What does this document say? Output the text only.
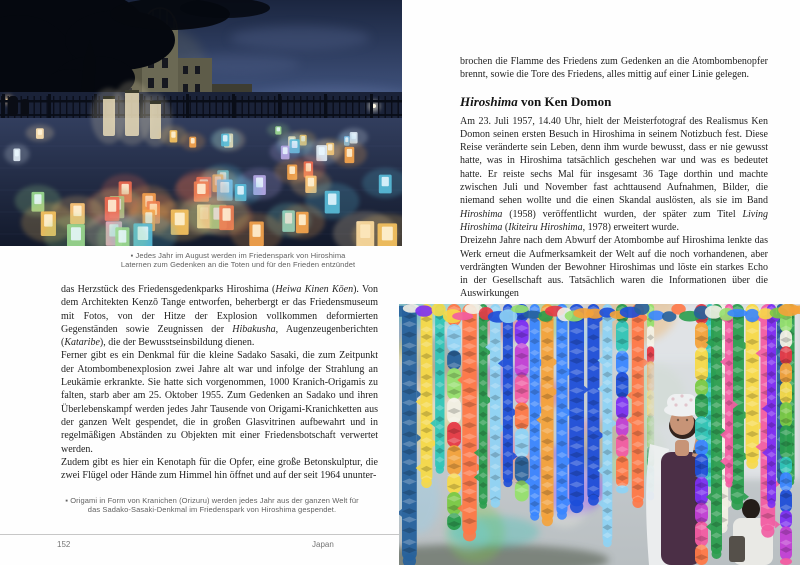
▪ Jedes Jahr im August werden im Friedenspark von Hiroshima
Laternen zum Gedenken an die Toten und für den Frieden entzündet

das Herzstück des Friedensgedenkparks Hiroshima (Heiwa Kinen Kōen). Von dem Architekten Kenzō Tange entworfen, beherbergt er das Friedensmuseum mit Fotos, von der Hitze der Explosion vollkommen deformierten Gegenständen sowie Zeugnissen der Hibakusha, Augenzeugenberichten (Kataribe), die der Bewusstseinsbildung dienen.

Ferner gibt es ein Denkmal für die kleine Sadako Sasaki, die zum Zeitpunkt der Atombombenexplosion zwei Jahre alt war und infolge der Strahlung an Leukämie erkrankte. Sie hatte sich vorgenommen, 1000 Kranich-Origamis zu falten, starb aber am 25. Oktober 1955. Zum Gedenken an Sadako und ihren Überlebenskampf werden jedes Jahr Tausende von Origami-Kranichketten aus der ganzen Welt gespendet, die in großen Glasvitrinen aufbewahrt und in regelmäßigen Abständen zu Objekten mit einer Friedensbotschaft verwertet werden.

Zudem gibt es hier ein Kenotaph für die Opfer, eine große Betonskulptur, die zwei Flügel oder Hände zum Himmel hin öffnet und auf der seit 1964 ununter-

▪ Origami in Form von Kranichen (Orizuru) werden jedes Jahr aus der ganzen Welt für
das Sadako-Sasaki-Denkmal im Friedenspark von Hiroshima gespendet.
152	Japan

brochen die Flamme des Friedens zum Gedenken an die Atombombenopfer brennt, sowie die Tore des Friedens, alles mittig auf einer Linie gelegen.

Hiroshima von Ken Domon

Am 23. Juli 1957, 14.40 Uhr, hielt der Meisterfotograf des Realismus Ken Domon seinen ersten Besuch in Hiroshima in seinem Notizbuch fest. Diese Reise veränderte sein Leben, denn ihm wurde bewusst, dass er nie gewusst hatte, was in Hiroshima tatsächlich geschehen war und was es bedeutet hatte. Er reiste sechs Mal für insgesamt 36 Tage dorthin und machte zwischen Juli und November fast achttausend Aufnahmen, Bilder, die niemand sehen wollte und die einen Skandal auslösten, als sie im Band Hiroshima (1958) veröffentlicht wurden, der später zum Titel Living Hiroshima (Ikiteiru Hiroshima, 1978) erweitert wurde.

Dreizehn Jahre nach dem Abwurf der Atombombe auf Hiroshima lenkte das Werk erneut die Aufmerksamkeit der Welt auf die noch vorhandenen, aber verdrängten Wunden der Bewohner Hiroshimas und löste ein starkes Echo in der Gesellschaft aus. Tatsächlich waren die Informationen über die Auswirkungen
